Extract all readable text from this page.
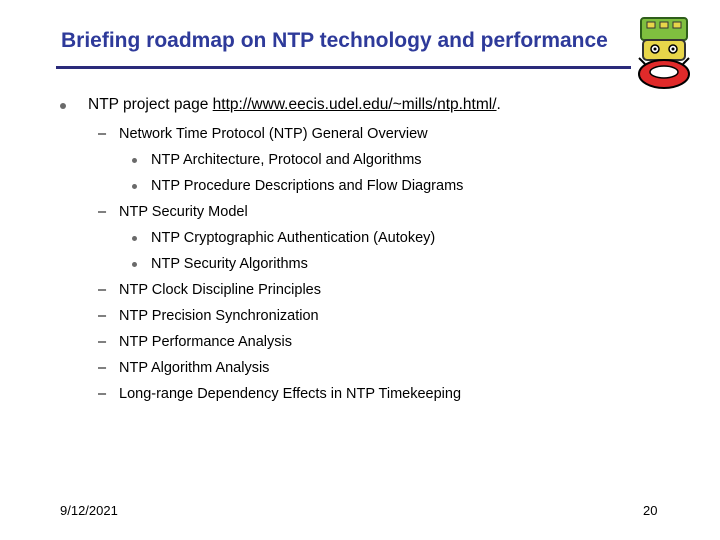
Briefing roadmap on NTP technology and performance
NTP project page http://www.eecis.udel.edu/~mills/ntp.html/.
– Network Time Protocol (NTP) General Overview
NTP Architecture, Protocol and Algorithms
NTP Procedure Descriptions and Flow Diagrams
– NTP Security Model
NTP Cryptographic Authentication (Autokey)
NTP Security Algorithms
– NTP Clock Discipline Principles
– NTP Precision Synchronization
– NTP Performance Analysis
– NTP Algorithm Analysis
– Long-range Dependency Effects in NTP Timekeeping
9/12/2021	20
